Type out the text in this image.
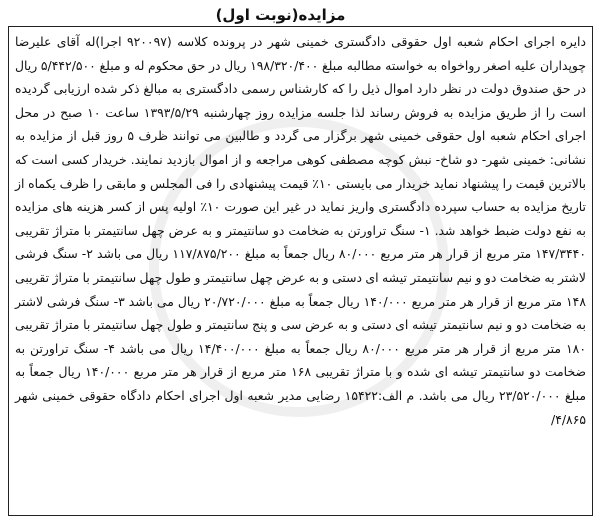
مزایده(نوبت اول)

دایره اجرای احکام شعبه اول حقوقی دادگستری خمینی شهر در پرونده کلاسه (۹۲۰۰۹۷ اجرا)له آقای علیرضا چوپداران علیه اصغر رواخواه به خواسته مطالبه مبلغ ۱۹۸/۳۲۰/۴۰۰ ریال در حق محکوم له و مبلغ ۵/۴۴۲/۵۰۰ ریال در حق صندوق دولت در نظر دارد اموال ذیل را که کارشناس رسمی دادگستری به مبالغ ذکر شده ارزیابی گردیده است را از طریق مزایده به فروش رساند لذا جلسه مزایده روز چهارشنبه ۱۳۹۳/۵/۲۹ ساعت ۱۰ صبح در محل اجرای احکام شعبه اول حقوقی خمینی شهر برگزار می گردد و طالبین می توانند ظرف ۵ روز قبل از مزایده به نشانی: خمینی شهر- دو شاخ- نبش کوچه مصطفی کوهی مراجعه و از اموال بازدید نمایند. خریدار کسی است که بالاترین قیمت را پیشنهاد نماید خریدار می بایستی ۱۰٪ قیمت پیشنهادی را فی المجلس و مابقی را ظرف یکماه از تاریخ مزایده به حساب سپرده دادگستری واریز نماید در غیر این صورت ۱۰٪ اولیه پس از کسر هزینه های مزایده به نفع دولت ضبط خواهد شد. ۱- سنگ تراورتن به ضخامت دو سانتیمتر و به عرض چهل سانتیمتر با متراژ تقریبی ۱۴۷/۳۴۴۰ متر مربع از قرار هر متر مربع ۸۰/۰۰۰ ریال جمعاً به مبلغ ۱۱۷/۸۷۵/۲۰۰ ریال می باشد ۲- سنگ فرشی لاشتر به ضخامت دو و نیم سانتیمتر تیشه ای دستی و به عرض چهل سانتیمتر و طول چهل سانتیمتر با متراژ تقریبی ۱۴۸ متر مربع از قرار هر متر مربع ۱۴۰/۰۰۰ ریال جمعاً به مبلغ ۲۰/۷۲۰/۰۰۰ ریال می باشد ۳- سنگ فرشی لاشتر به ضخامت دو و نیم سانتیمتر تیشه ای دستی و به عرض سی و پنج سانتیمتر و طول چهل سانتیمتر با متراژ تقریبی ۱۸۰ متر مربع از قرار هر متر مربع ۸۰/۰۰۰ ریال جمعاً به مبلغ ۱۴/۴۰۰/۰۰۰ ریال می باشد ۴- سنگ تراورتن به ضخامت دو سانتیمتر تیشه ای شده و با متراژ تقریبی ۱۶۸ متر مربع از قرار هر متر مربع ۱۴۰/۰۰۰ ریال جمعاً به مبلغ ۲۳/۵۲۰/۰۰۰ ریال می باشد. م الف:۱۵۴۲۲ رضایی مدیر شعبه اول اجرای احکام دادگاه حقوقی خمینی شهر ۴/۸۶۵/
